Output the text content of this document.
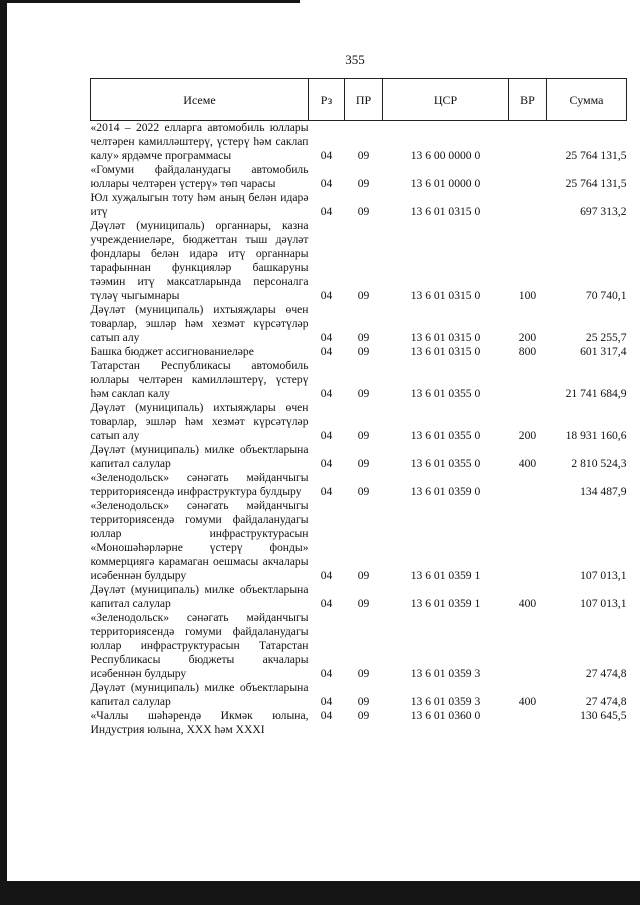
355
Исеме	Рз	ПР	ЦСР	ВР	Сумма
«2014 – 2022 елларга автомобиль юллары челтәрен камилләштерү, үстерү һәм саклап калу» ярдәмче программасы	04	09	13 6 00 0000 0		25 764 131,5
«Гомуми файдаланудагы автомобиль юллары челтәрен үстерү» төп чарасы	04	09	13 6 01 0000 0		25 764 131,5
Юл хуҗалыгын тоту һәм аның белән идарә итү	04	09	13 6 01 0315 0		697 313,2
Дәүләт (муниципаль) органнары, казна учреждениеләре, бюджеттан тыш дәүләт фондлары белән идарә итү органнары тарафыннан функцияләр башкаруны тәэмин итү максатларында персоналга түләү чыгымнары	04	09	13 6 01 0315 0	100	70 740,1
Дәүләт (муниципаль) ихтыяҗлары өчен товарлар, эшләр һәм хезмәт күрсәтүләр сатып алу	04	09	13 6 01 0315 0	200	25 255,7
Башка бюджет ассигнованиеләре	04	09	13 6 01 0315 0	800	601 317,4
Татарстан Республикасы автомобиль юллары челтәрен камилләштерү, үстерү һәм саклап калу	04	09	13 6 01 0355 0		21 741 684,9
Дәүләт (муниципаль) ихтыяҗлары өчен товарлар, эшләр һәм хезмәт күрсәтүләр сатып алу	04	09	13 6 01 0355 0	200	18 931 160,6
Дәүләт (муниципаль) милке объектларына капитал салулар	04	09	13 6 01 0355 0	400	2 810 524,3
«Зеленодольск» сәнәгать мәйданчыгы территориясендә инфраструктура булдыру	04	09	13 6 01 0359 0		134 487,9
«Зеленодольск» сәнәгать мәйданчыгы территориясендә гомуми файдаланудагы юллар инфраструктурасын «Моношәһәрләрне үстерү фонды» коммерциягә карамаган оешмасы акчалары исәбеннән булдыру	04	09	13 6 01 0359 1		107 013,1
Дәүләт (муниципаль) милке объектларына капитал салулар	04	09	13 6 01 0359 1	400	107 013,1
«Зеленодольск» сәнәгать мәйданчыгы территориясендә гомуми файдаланудагы юллар инфраструктурасын Татарстан Республикасы бюджеты акчалары исәбеннән булдыру	04	09	13 6 01 0359 3		27 474,8
Дәүләт (муниципаль) милке объектларына капитал салулар	04	09	13 6 01 0359 3	400	27 474,8
«Чаллы шәһәрендә Икмәк юлына, Индустрия юлына, XXX һәм XXXI	04	09	13 6 01 0360 0		130 645,5
